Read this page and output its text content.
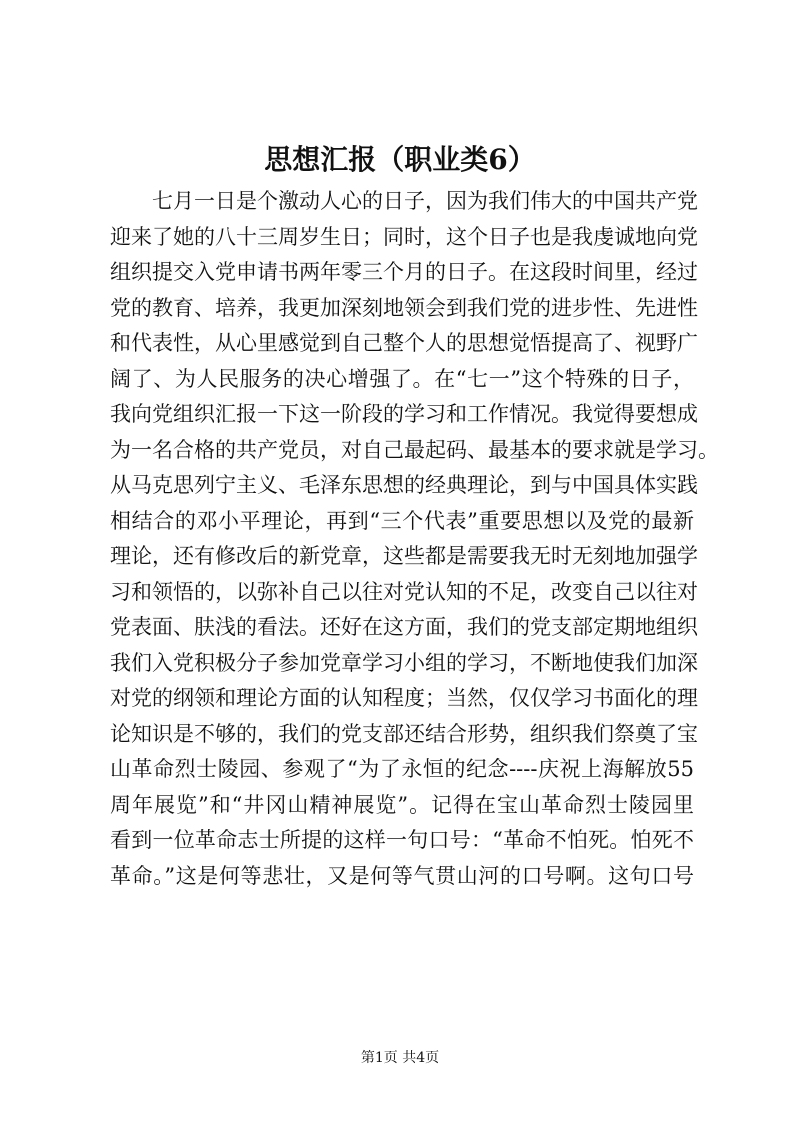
思想汇报（职业类6）
七月一日是个激动人心的日子，因为我们伟大的中国共产党
迎来了她的八十三周岁生日；同时，这个日子也是我虔诚地向党
组织提交入党申请书两年零三个月的日子。在这段时间里，经过
党的教育、培养，我更加深刻地领会到我们党的进步性、先进性
和代表性，从心里感觉到自己整个人的思想觉悟提高了、视野广
阔了、为人民服务的决心增强了。在“七一”这个特殊的日子，
我向党组织汇报一下这一阶段的学习和工作情况。我觉得要想成
为一名合格的共产党员，对自己最起码、最基本的要求就是学习。
从马克思列宁主义、毛泽东思想的经典理论，到与中国具体实践
相结合的邓小平理论，再到“三个代表”重要思想以及党的最新
理论，还有修改后的新党章，这些都是需要我无时无刻地加强学
习和领悟的，以弥补自己以往对党认知的不足，改变自己以往对
党表面、肤浅的看法。还好在这方面，我们的党支部定期地组织
我们入党积极分子参加党章学习小组的学习，不断地使我们加深
对党的纲领和理论方面的认知程度；当然，仅仅学习书面化的理
论知识是不够的，我们的党支部还结合形势，组织我们祭奠了宝
山革命烈士陵园、参观了“为了永恒的纪念----庆祝上海解放55
周年展览”和“井冈山精神展览”。记得在宝山革命烈士陵园里
看到一位革命志士所提的这样一句口号：“革命不怕死。怕死不
革命。”这是何等悲壮，又是何等气贯山河的口号啊。这句口号
第1页 共4页
